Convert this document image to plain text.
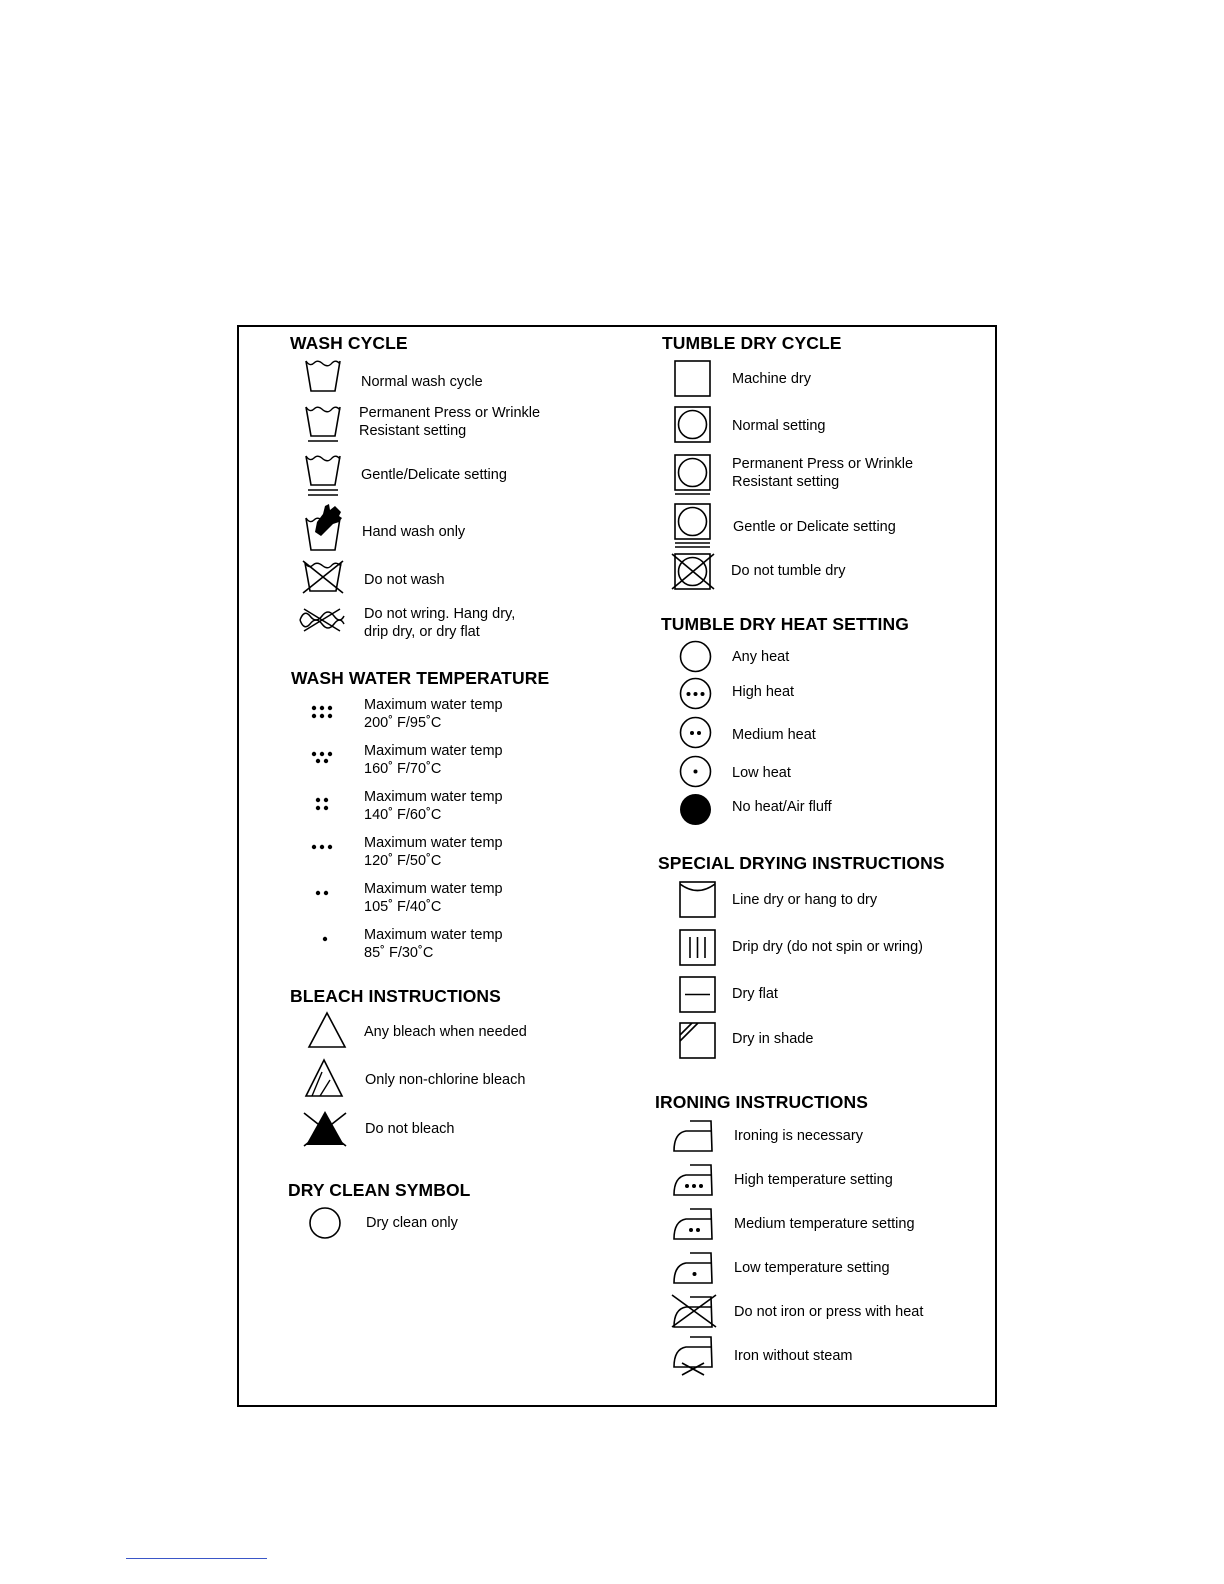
WASH CYCLE
Normal wash cycle
Permanent Press or Wrinkle
Resistant setting
Gentle/Delicate setting
Hand wash only
Do not wash
Do not wring. Hang dry,
drip dry, or dry flat
WASH WATER TEMPERATURE
Maximum water temp
200˚ F/95˚C
Maximum water temp
160˚ F/70˚C
Maximum water temp
140˚ F/60˚C
Maximum water temp
120˚ F/50˚C
Maximum water temp
105˚ F/40˚C
Maximum water temp
85˚ F/30˚C
BLEACH INSTRUCTIONS
Any bleach when needed
Only non-chlorine bleach
Do not bleach
DRY CLEAN SYMBOL
Dry clean only
TUMBLE DRY CYCLE
Machine dry
Normal setting
Permanent Press or Wrinkle
Resistant setting
Gentle or Delicate setting
Do not tumble dry
TUMBLE DRY HEAT SETTING
Any heat
High heat
Medium heat
Low heat
No heat/Air fluff
SPECIAL DRYING INSTRUCTIONS
Line dry or hang to dry
Drip dry (do not spin or wring)
Dry flat
Dry in shade
IRONING INSTRUCTIONS
Ironing is necessary
High temperature setting
Medium temperature setting
Low temperature setting
Do not iron or press with heat
Iron without steam
